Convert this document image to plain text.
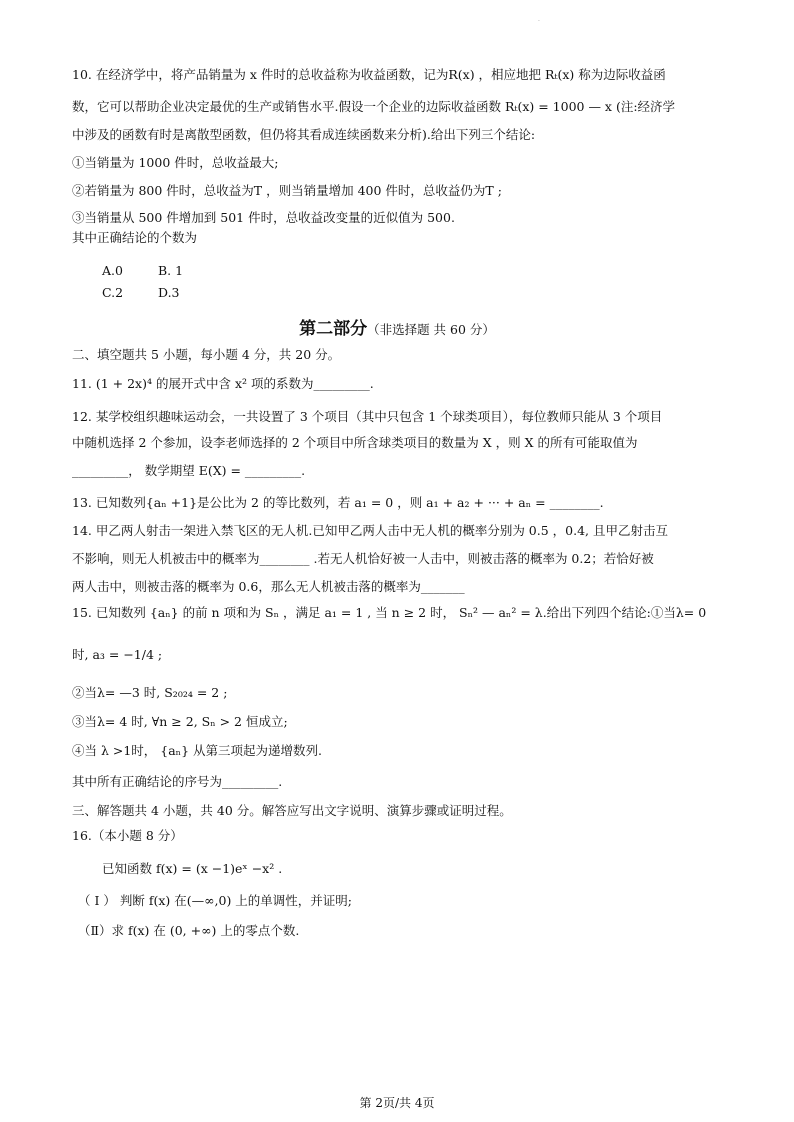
·
10. 在经济学中，将产品销量为 x 件时的总收益称为收益函数，记为R(x) ，相应地把 Rₜ(x) 称为边际收益函
数，它可以帮助企业决定最优的生产或销售水平.假设一个企业的边际收益函数 Rₜ(x) = 1000 — x (注:经济学
中涉及的函数有时是离散型函数，但仍将其看成连续函数来分析).给出下列三个结论:
①当销量为 1000 件时，总收益最大;
②若销量为 800 件时，总收益为T ，则当销量增加 400 件时，总收益仍为T ;
③当销量从 500 件增加到 501 件时，总收益改变量的近似值为 500.
其中正确结论的个数为
A.0	B. 1
C.2	D.3
第二部分（非选择题 共 60 分）
二、填空题共 5 小题，每小题 4 分，共 20 分。
11. (1 + 2x)⁴ 的展开式中含 x² 项的系数为_________.
12. 某学校组织趣味运动会，一共设置了 3 个项目（其中只包含 1 个球类项目），每位教师只能从 3 个项目
中随机选择 2 个参加，设李老师选择的 2 个项目中所含球类项目的数量为 X ，则 X 的所有可能取值为
_________， 数学期望 E(X) = _________.
13. 已知数列{aₙ +1}是公比为 2 的等比数列，若 a₁ = 0 ，则 a₁ + a₂ + ··· + aₙ = ________.
14. 甲乙两人射击一架进入禁飞区的无人机.已知甲乙两人击中无人机的概率分别为 0.5 ，0.4, 且甲乙射击互
不影响，则无人机被击中的概率为________ .若无人机恰好被一人击中，则被击落的概率为 0.2；若恰好被
两人击中，则被击落的概率为 0.6，那么无人机被击落的概率为_______
15. 已知数列 {aₙ} 的前 n 项和为 Sₙ ，满足 a₁ = 1 , 当 n ≥ 2 时， Sₙ² — aₙ² = λ.给出下列四个结论:①当λ= 0
时, a₃ = −1/4 ;
②当λ= —3 时, S₂₀₂₄ = 2 ;
③当λ= 4 时, ∀n ≥ 2, Sₙ > 2 恒成立;
④当 λ >1时， {aₙ} 从第三项起为递增数列.
其中所有正确结论的序号为_________.
三、解答题共 4 小题，共 40 分。解答应写出文字说明、演算步骤或证明过程。
16.（本小题 8 分）
已知函数 f(x) = (x −1)eˣ −x² .
（ Ⅰ ） 判断 f(x) 在(—∞,0) 上的单调性，并证明;
（Ⅱ）求 f(x) 在 (0, +∞) 上的零点个数.
第 2页/共 4页
